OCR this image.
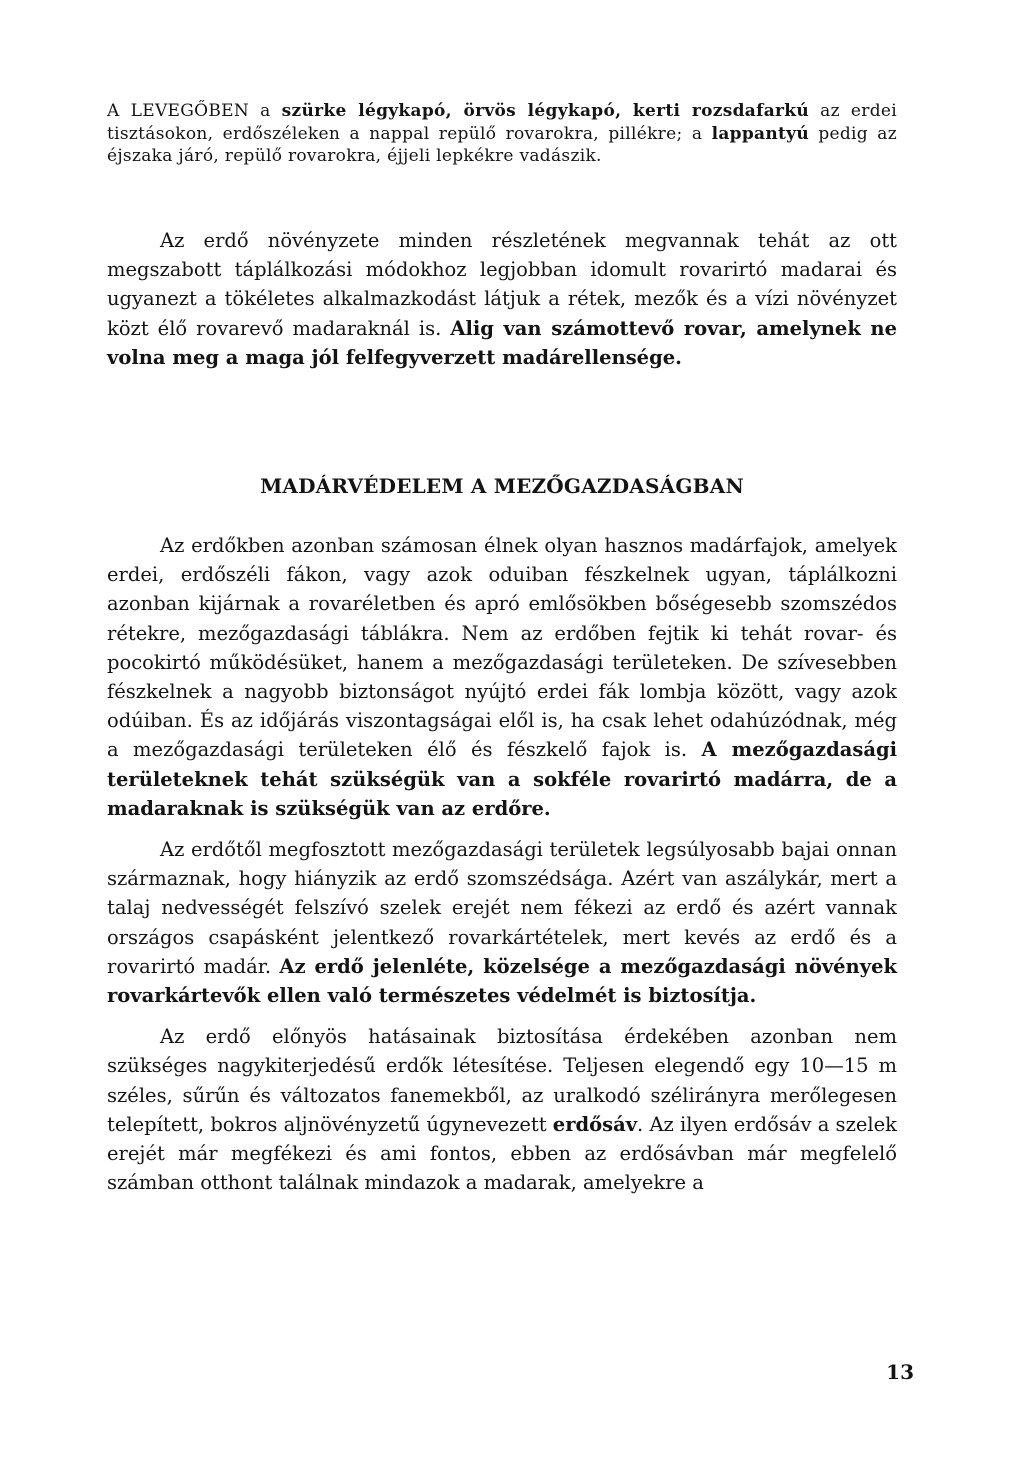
A LEVEGŐBEN a szürke légykapó, örvös légykapó, kerti rozsdafarkú az erdei tisztásokon, erdőszéleken a nappal repülő rovarokra, pillékre; a lappantyú pedig az éjszaka járó, repülő rovarokra, éjjeli lepkékre vadászik.

Az erdő növényzete minden részletének megvannak tehát az ott megszabott táplálkozási módokhoz legjobban idomult rovarirtó madarai és ugyanezt a tökéletes alkalmazkodást látjuk a rétek, mezők és a vízi növényzet közt élő rovarevő madaraknál is. Alig van számottevő rovar, amelynek ne volna meg a maga jól felfegyverzett madárellensége.

MADÁRVÉDELEM A MEZŐGAZDASÁGBAN

Az erdőkben azonban számosan élnek olyan hasznos madárfajok, amelyek erdei, erdőszéli fákon, vagy azok oduiban fészkelnek ugyan, táplálkozni azonban kijárnak a rovaréletben és apró emlősökben bőségesebb szomszédos rétekre, mezőgazdasági táblákra. Nem az erdőben fejtik ki tehát rovar- és pocokirtó működésüket, hanem a mezőgazdasági területeken. De szívesebben fészkelnek a nagyobb biztonságot nyújtó erdei fák lombja között, vagy azok odúiban. És az időjárás viszontagságai elől is, ha csak lehet odahúzódnak, még a mezőgazdasági területeken élő és fészkelő fajok is. A mezőgazdasági területeknek tehát szükségük van a sokféle rovarirtó madárra, de a madaraknak is szükségük van az erdőre.

Az erdőtől megfosztott mezőgazdasági területek legsúlyosabb bajai onnan származnak, hogy hiányzik az erdő szomszédsága. Azért van aszálykár, mert a talaj nedvességét felszívó szelek erejét nem fékezi az erdő és azért vannak országos csapásként jelentkező rovarkártételek, mert kevés az erdő és a rovarirtó madár. Az erdő jelenléte, közelsége a mezőgazdasági növények rovarkártevők ellen való természetes védelmét is biztosítja.

Az erdő előnyös hatásainak biztosítása érdekében azonban nem szükséges nagykiterjedésű erdők létesítése. Teljesen elegendő egy 10—15 m széles, sűrűn és változatos fanemekből, az uralkodó szélirányra merőlegesen telepített, bokros aljnövényzetű úgynevezett erdősáv. Az ilyen erdősáv a szelek erejét már megfékezi és ami fontos, ebben az erdősávban már megfelelő számban otthont találnak mindazok a madarak, amelyekre a

13
